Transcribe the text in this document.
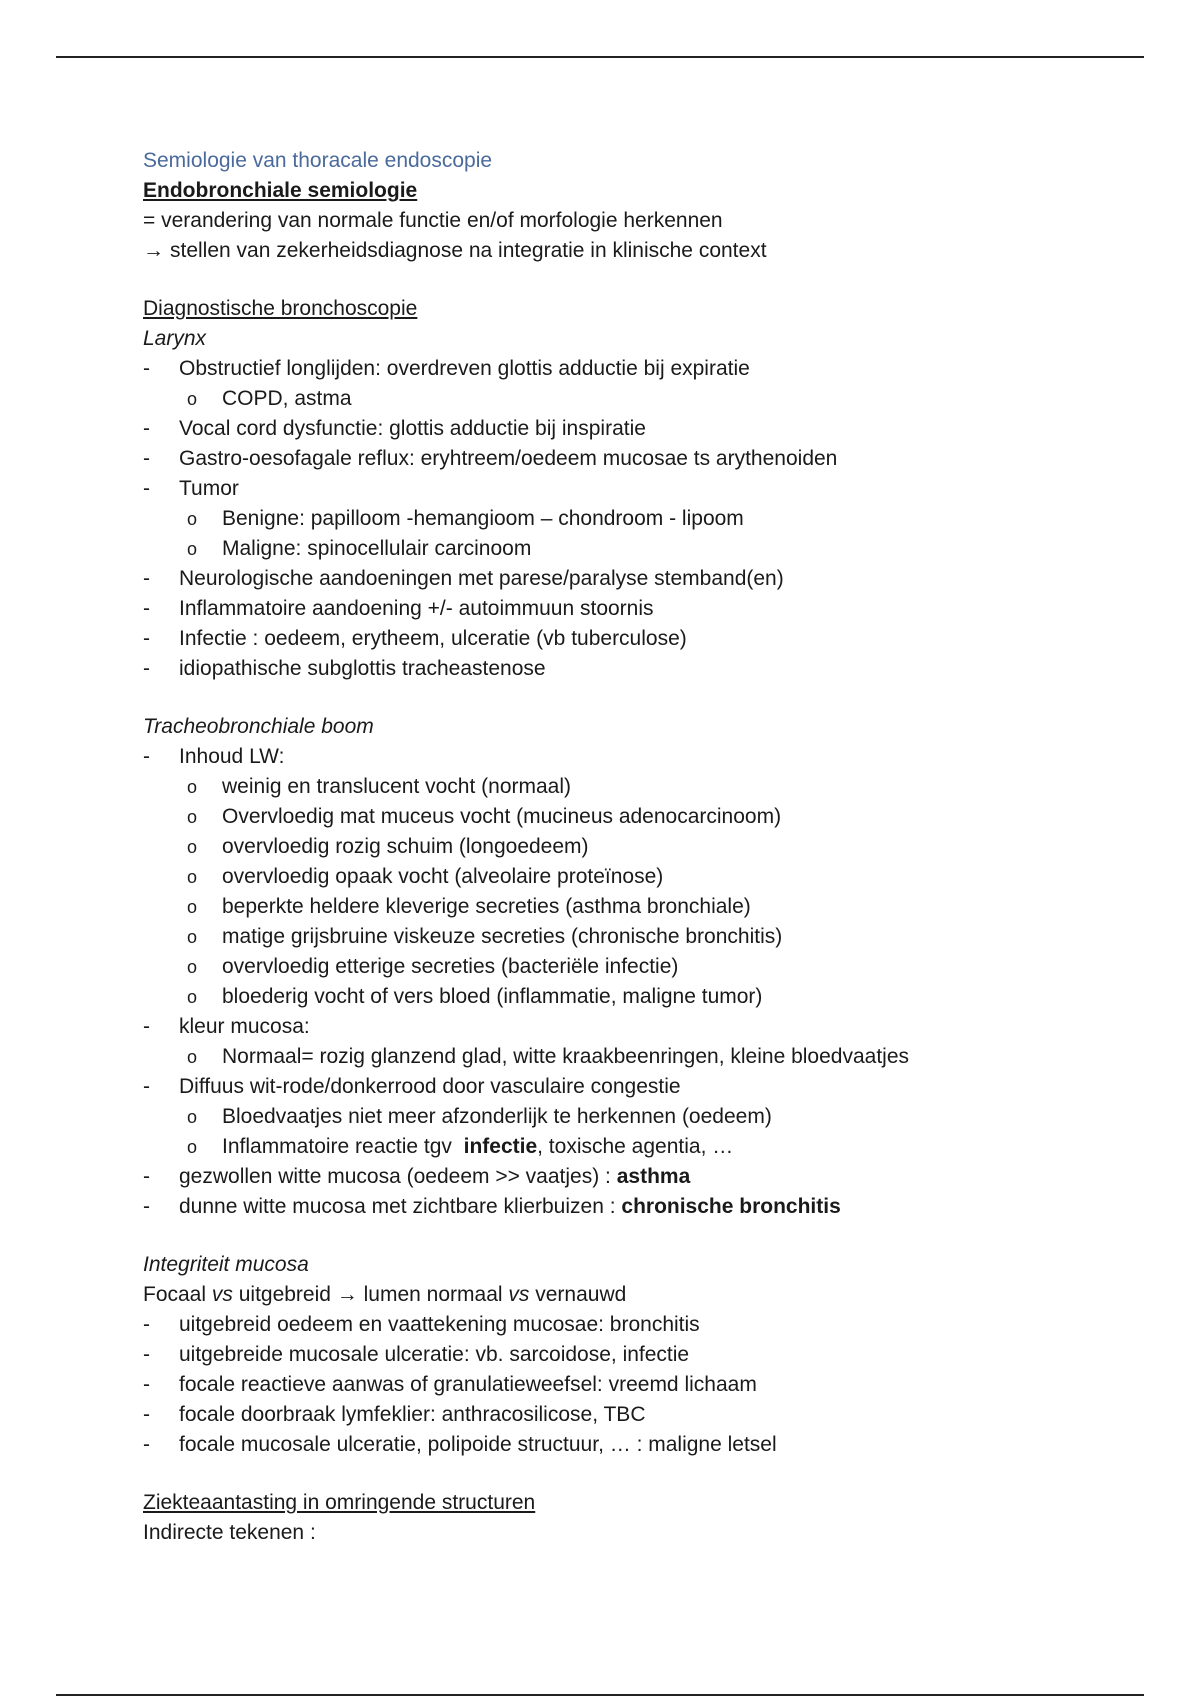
Semiologie van thoracale endoscopie
Endobronchiale semiologie
= verandering van normale functie en/of morfologie herkennen
→ stellen van zekerheidsdiagnose na integratie in klinische context
Diagnostische bronchoscopie
Larynx
- Obstructief longlijden: overdreven glottis adductie bij expiratie
o COPD, astma
- Vocal cord dysfunctie: glottis adductie bij inspiratie
- Gastro-oesofagale reflux: eryhtreem/oedeem mucosae ts arythenoiden
- Tumor
o Benigne: papilloom -hemangioom – chondroom - lipoom
o Maligne: spinocellulair carcinoom
- Neurologische aandoeningen met parese/paralyse stemband(en)
- Inflammatoire aandoening +/- autoimmuun stoornis
- Infectie : oedeem, erytheem, ulceratie (vb tuberculose)
- idiopathische subglottis tracheastenose
Tracheobronchiale boom
- Inhoud LW:
o weinig en translucent vocht (normaal)
o Overvloedig mat muceus vocht (mucineus adenocarcinoom)
o overvloedig rozig schuim (longoedeem)
o overvloedig opaak vocht (alveolaire proteïnose)
o beperkte heldere kleverige secreties (asthma bronchiale)
o matige grijsbruine viskeuze secreties (chronische bronchitis)
o overvloedig etterige secreties (bacteriële infectie)
o bloederig vocht of vers bloed (inflammatie, maligne tumor)
- kleur mucosa:
o Normaal= rozig glanzend glad, witte kraakbeenringen, kleine bloedvaatjes
- Diffuus wit-rode/donkerrood door vasculaire congestie
o Bloedvaatjes niet meer afzonderlijk te herkennen (oedeem)
o Inflammatoire reactie tgv infectie, toxische agentia, …
- gezwollen witte mucosa (oedeem >> vaatjes) : asthma
- dunne witte mucosa met zichtbare klierbuizen : chronische bronchitis
Integriteit mucosa
Focaal vs uitgebreid → lumen normaal vs vernauwd
- uitgebreid oedeem en vaattekening mucosae: bronchitis
- uitgebreide mucosale ulceratie: vb. sarcoidose, infectie
- focale reactieve aanwas of granulatieweefsel: vreemd lichaam
- focale doorbraak lymfeklier: anthracosilicose, TBC
- focale mucosale ulceratie, polipoide structuur, … : maligne letsel
Ziekteaantasting in omringende structuren
Indirecte tekenen :
